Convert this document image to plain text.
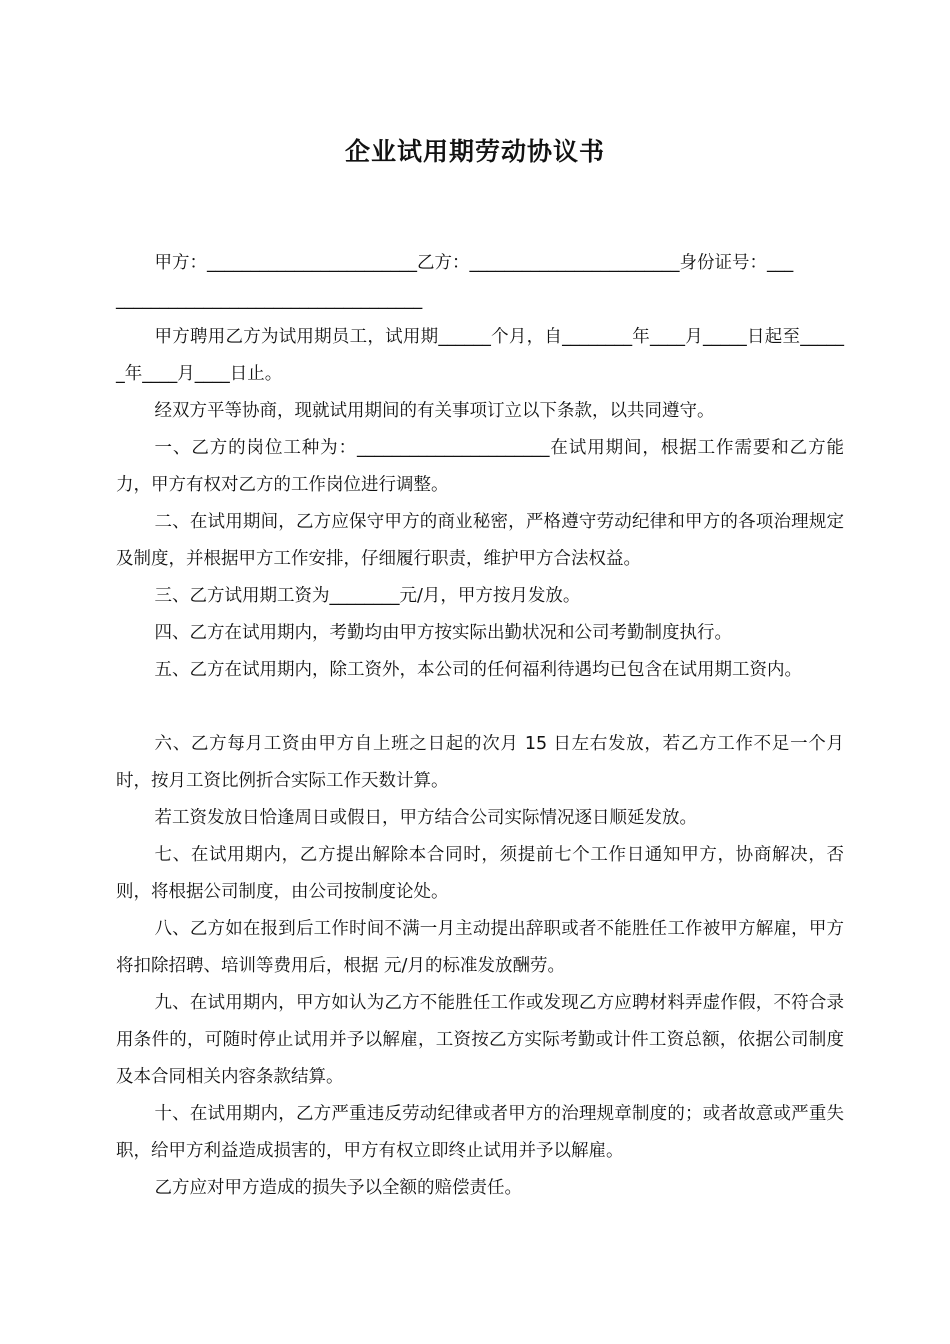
企业试用期劳动协议书

甲方：________________________乙方：________________________身份证号：___

___________________________________

甲方聘用乙方为试用期员工，试用期______个月，自________年____月_____日起至______年____月____日止。

经双方平等协商，现就试用期间的有关事项订立以下条款，以共同遵守。

一、乙方的岗位工种为：______________________在试用期间，根据工作需要和乙方能力，甲方有权对乙方的工作岗位进行调整。

二、在试用期间，乙方应保守甲方的商业秘密，严格遵守劳动纪律和甲方的各项治理规定及制度，并根据甲方工作安排，仔细履行职责，维护甲方合法权益。

三、乙方试用期工资为________元/月，甲方按月发放。

四、乙方在试用期内，考勤均由甲方按实际出勤状况和公司考勤制度执行。

五、乙方在试用期内，除工资外，本公司的任何福利待遇均已包含在试用期工资内。

六、乙方每月工资由甲方自上班之日起的次月 15 日左右发放，若乙方工作不足一个月时，按月工资比例折合实际工作天数计算。

若工资发放日恰逢周日或假日，甲方结合公司实际情况逐日顺延发放。

七、在试用期内，乙方提出解除本合同时，须提前七个工作日通知甲方，协商解决，否则，将根据公司制度，由公司按制度论处。

八、乙方如在报到后工作时间不满一月主动提出辞职或者不能胜任工作被甲方解雇，甲方将扣除招聘、培训等费用后，根据 元/月的标准发放酬劳。

九、在试用期内，甲方如认为乙方不能胜任工作或发现乙方应聘材料弄虚作假，不符合录用条件的，可随时停止试用并予以解雇，工资按乙方实际考勤或计件工资总额，依据公司制度及本合同相关内容条款结算。

十、在试用期内，乙方严重违反劳动纪律或者甲方的治理规章制度的；或者故意或严重失职，给甲方利益造成损害的，甲方有权立即终止试用并予以解雇。

乙方应对甲方造成的损失予以全额的赔偿责任。
